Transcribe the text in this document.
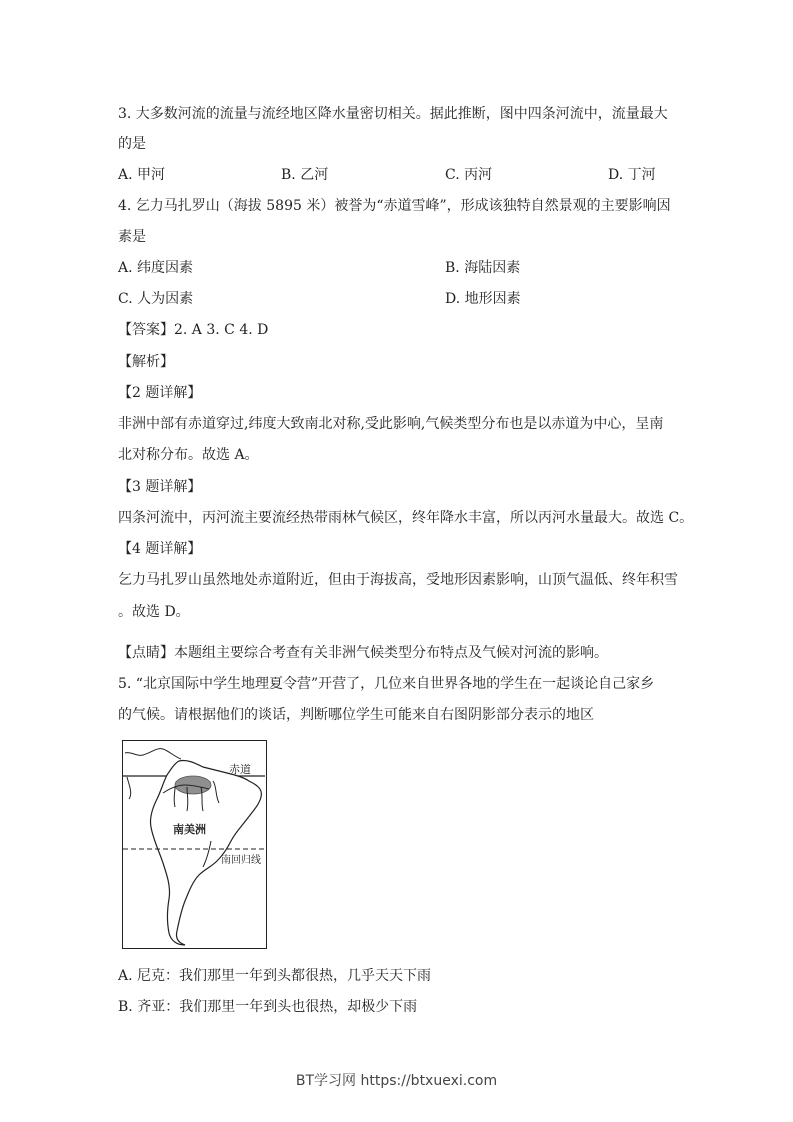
3. 大多数河流的流量与流经地区降水量密切相关。据此推断，图中四条河流中，流量最大
的是
A. 甲河	B. 乙河	C. 丙河	D. 丁河
4. 乞力马扎罗山（海拔 5895 米）被誉为“赤道雪峰”，形成该独特自然景观的主要影响因
素是
A. 纬度因素	B. 海陆因素
C. 人为因素	D. 地形因素
【答案】2. A 3. C 4. D
【解析】
【2 题详解】
非洲中部有赤道穿过,纬度大致南北对称,受此影响,气候类型分布也是以赤道为中心，呈南
北对称分布。故选 A。
【3 题详解】
四条河流中，丙河流主要流经热带雨林气候区，终年降水丰富，所以丙河水量最大。故选 C。
【4 题详解】
乞力马扎罗山虽然地处赤道附近，但由于海拔高，受地形因素影响，山顶气温低、终年积雪
。故选 D。
【点睛】本题组主要综合考查有关非洲气候类型分布特点及气候对河流的影响。
5. “北京国际中学生地理夏令营”开营了，几位来自世界各地的学生在一起谈论自己家乡
的气候。请根据他们的谈话，判断哪位学生可能来自右图阴影部分表示的地区
赤道
南美洲
南回归线
A. 尼克：我们那里一年到头都很热，几乎天天下雨
B. 齐亚：我们那里一年到头也很热，却极少下雨
BT学习网 https://btxuexi.com
